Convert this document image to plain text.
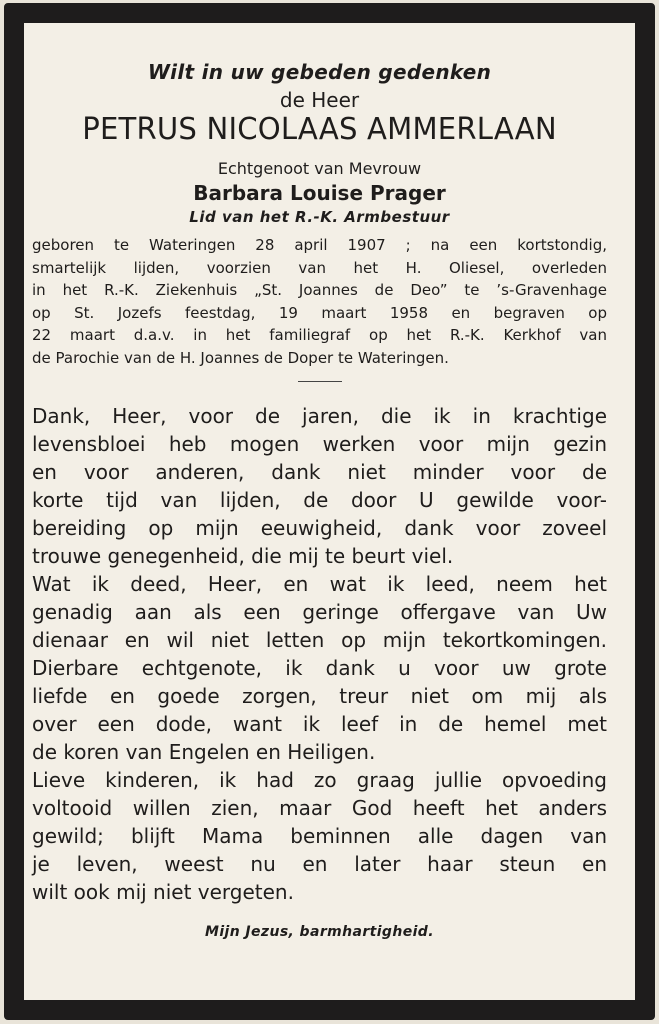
Wilt in uw gebeden gedenken

de Heer
PETRUS NICOLAAS AMMERLAAN
Echtgenoot van Mevrouw
Barbara Louise Prager
Lid van het R.-K. Armbestuur
geboren te Wateringen 28 april 1907 ; na een kortstondig,
smartelijk lijden, voorzien van het H. Oliesel, overleden
in het R.-K. Ziekenhuis „St. Joannes de Deo” te ’s-Gravenhage
op St. Jozefs feestdag, 19 maart 1958 en begraven op
22 maart d.a.v. in het familiegraf op het R.-K. Kerkhof van
de Parochie van de H. Joannes de Doper te Wateringen.
Dank, Heer, voor de jaren, die ik in krachtige
levensbloei heb mogen werken voor mijn gezin
en voor anderen, dank niet minder voor de
korte tijd van lijden, de door U gewilde voor-
bereiding op mijn eeuwigheid, dank voor zoveel
trouwe genegenheid, die mij te beurt viel.
Wat ik deed, Heer, en wat ik leed, neem het
genadig aan als een geringe offergave van Uw
dienaar en wil niet letten op mijn tekortkomingen.
Dierbare echtgenote, ik dank u voor uw grote
liefde en goede zorgen, treur niet om mij als
over een dode, want ik leef in de hemel met
de koren van Engelen en Heiligen.
Lieve kinderen, ik had zo graag jullie opvoeding
voltooid willen zien, maar God heeft het anders
gewild; blijft Mama beminnen alle dagen van
je leven, weest nu en later haar steun en
wilt ook mij niet vergeten.
Mijn Jezus, barmhartigheid.
